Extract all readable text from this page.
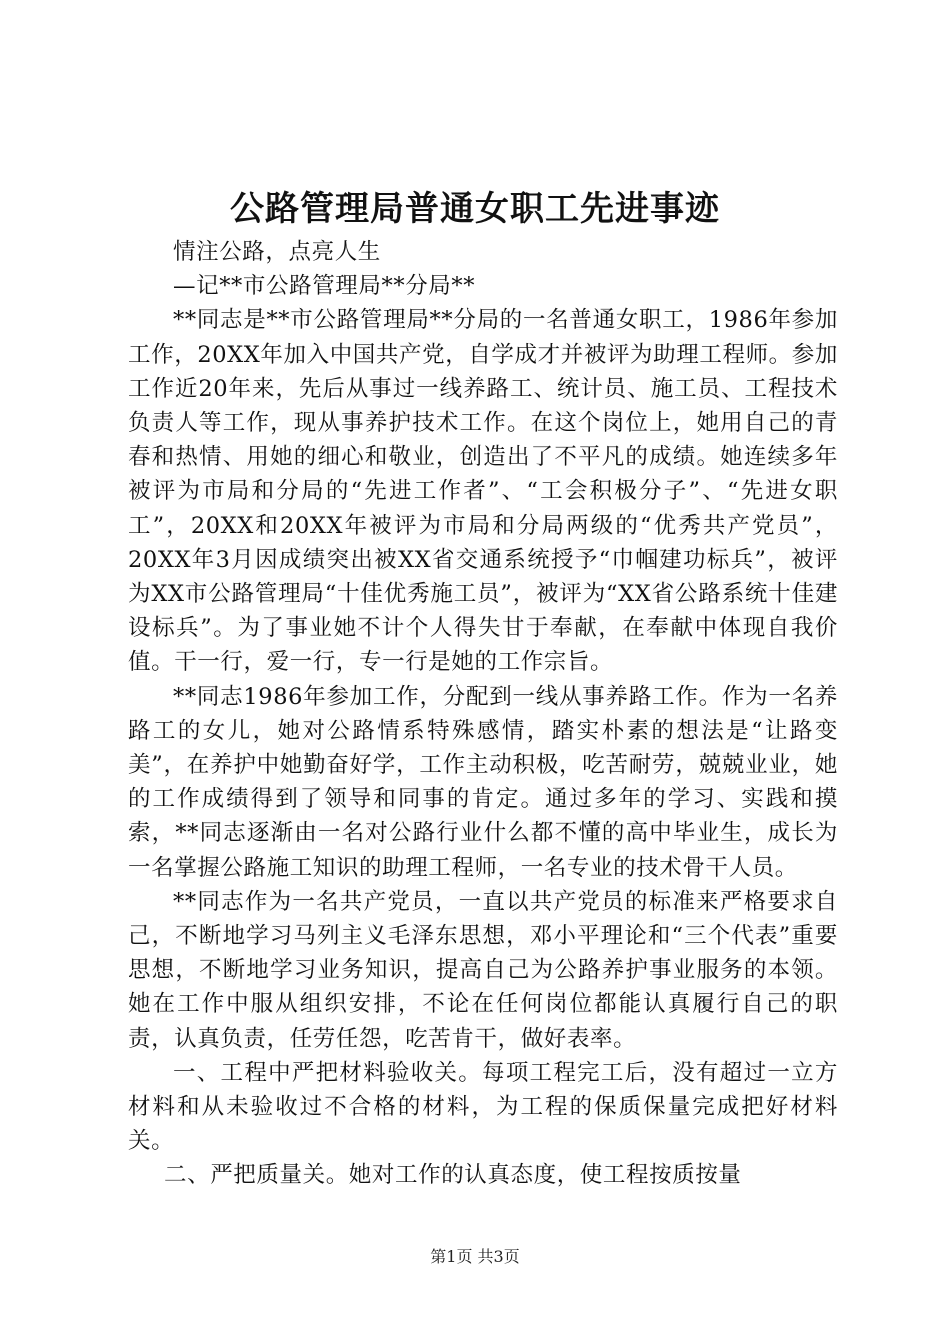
公路管理局普通女职工先进事迹

情注公路，点亮人生

—记**市公路管理局**分局**

**同志是**市公路管理局**分局的一名普通女职工，1986年参加工作，20XX年加入中国共产党，自学成才并被评为助理工程师。参加工作近20年来，先后从事过一线养路工、统计员、施工员、工程技术负责人等工作，现从事养护技术工作。在这个岗位上，她用自己的青春和热情、用她的细心和敬业，创造出了不平凡的成绩。她连续多年被评为市局和分局的“先进工作者”、“工会积极分子”、“先进女职工”，20XX和20XX年被评为市局和分局两级的“优秀共产党员”，20XX年3月因成绩突出被XX省交通系统授予“巾帼建功标兵”，被评为XX市公路管理局“十佳优秀施工员”，被评为“XX省公路系统十佳建设标兵”。为了事业她不计个人得失甘于奉献，在奉献中体现自我价值。干一行，爱一行，专一行是她的工作宗旨。

**同志1986年参加工作，分配到一线从事养路工作。作为一名养路工的女儿，她对公路情系特殊感情，踏实朴素的想法是“让路变美”，在养护中她勤奋好学，工作主动积极，吃苦耐劳，兢兢业业，她的工作成绩得到了领导和同事的肯定。通过多年的学习、实践和摸索，**同志逐渐由一名对公路行业什么都不懂的高中毕业生，成长为一名掌握公路施工知识的助理工程师，一名专业的技术骨干人员。

**同志作为一名共产党员，一直以共产党员的标准来严格要求自己，不断地学习马列主义毛泽东思想，邓小平理论和“三个代表”重要思想，不断地学习业务知识，提高自己为公路养护事业服务的本领。她在工作中服从组织安排，不论在任何岗位都能认真履行自己的职责，认真负责，任劳任怨，吃苦肯干，做好表率。

一、工程中严把材料验收关。每项工程完工后，没有超过一立方材料和从未验收过不合格的材料，为工程的保质保量完成把好材料关。

二、严把质量关。她对工作的认真态度，使工程按质按量

第1页 共3页
